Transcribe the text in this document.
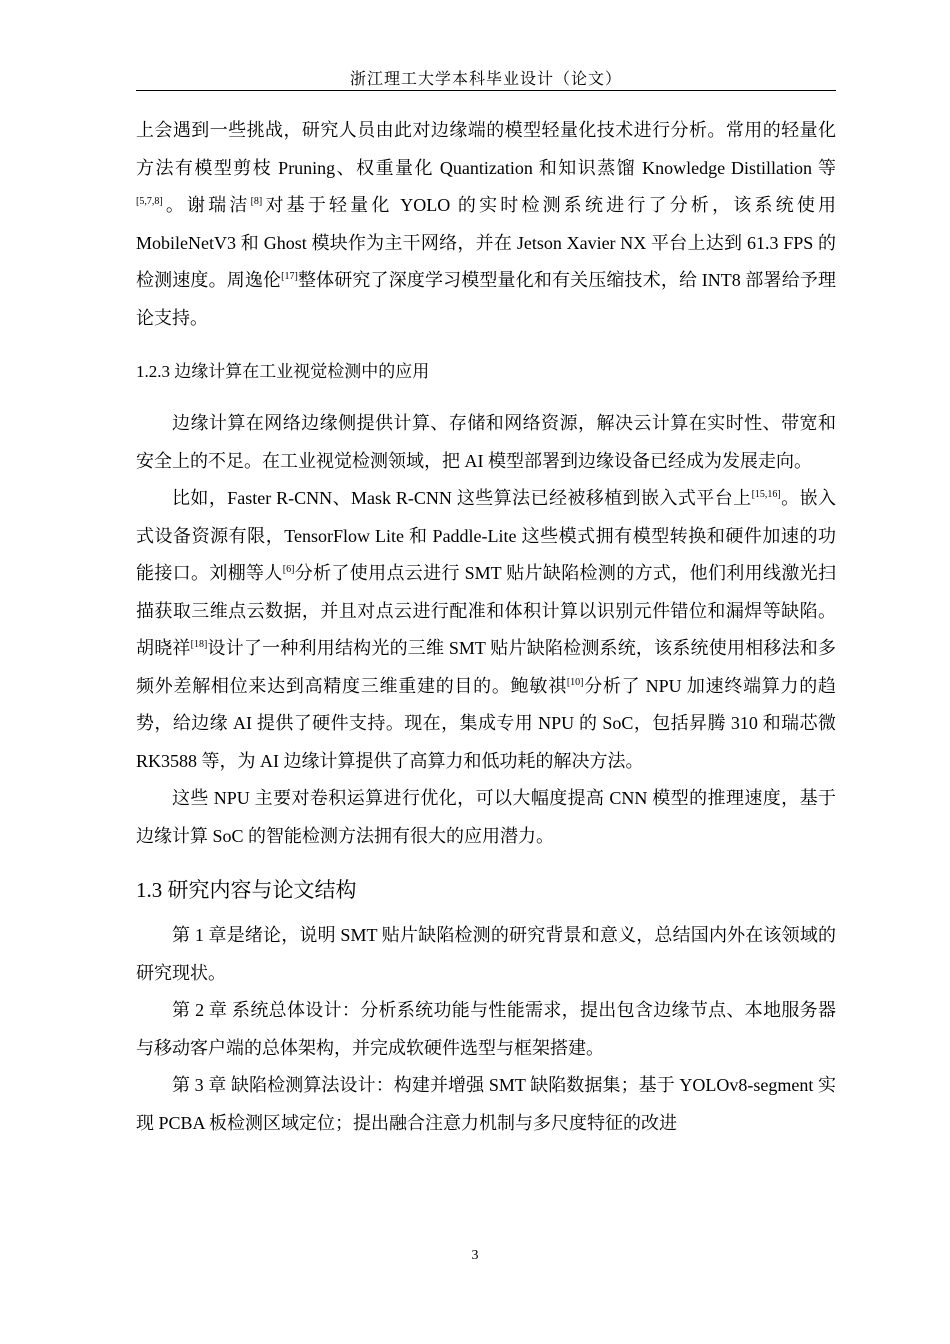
浙江理工大学本科毕业设计（论文）

上会遇到一些挑战，研究人员由此对边缘端的模型轻量化技术进行分析。常用的轻量化方法有模型剪枝 Pruning、权重量化 Quantization 和知识蒸馏 Knowledge Distillation 等[5,7,8]。谢瑞洁[8]对基于轻量化 YOLO 的实时检测系统进行了分析，该系统使用 MobileNetV3 和 Ghost 模块作为主干网络，并在 Jetson Xavier NX 平台上达到 61.3 FPS 的检测速度。周逸伦[17]整体研究了深度学习模型量化和有关压缩技术，给 INT8 部署给予理论支持。

1.2.3 边缘计算在工业视觉检测中的应用

边缘计算在网络边缘侧提供计算、存储和网络资源，解决云计算在实时性、带宽和安全上的不足。在工业视觉检测领域，把 AI 模型部署到边缘设备已经成为发展走向。

比如，Faster R-CNN、Mask R-CNN 这些算法已经被移植到嵌入式平台上[15,16]。嵌入式设备资源有限，TensorFlow Lite 和 Paddle-Lite 这些模式拥有模型转换和硬件加速的功能接口。刘棚等人[6]分析了使用点云进行 SMT 贴片缺陷检测的方式，他们利用线激光扫描获取三维点云数据，并且对点云进行配准和体积计算以识别元件错位和漏焊等缺陷。胡晓祥[18]设计了一种利用结构光的三维 SMT 贴片缺陷检测系统，该系统使用相移法和多频外差解相位来达到高精度三维重建的目的。鲍敏祺[10]分析了 NPU 加速终端算力的趋势，给边缘 AI 提供了硬件支持。现在，集成专用 NPU 的 SoC，包括昇腾 310 和瑞芯微 RK3588 等，为 AI 边缘计算提供了高算力和低功耗的解决方法。

这些 NPU 主要对卷积运算进行优化，可以大幅度提高 CNN 模型的推理速度，基于边缘计算 SoC 的智能检测方法拥有很大的应用潜力。

1.3 研究内容与论文结构

第 1 章是绪论，说明 SMT 贴片缺陷检测的研究背景和意义，总结国内外在该领域的研究现状。

第 2 章 系统总体设计：分析系统功能与性能需求，提出包含边缘节点、本地服务器与移动客户端的总体架构，并完成软硬件选型与框架搭建。

第 3 章 缺陷检测算法设计：构建并增强 SMT 缺陷数据集；基于 YOLOv8-segment 实现 PCBA 板检测区域定位；提出融合注意力机制与多尺度特征的改进

3
